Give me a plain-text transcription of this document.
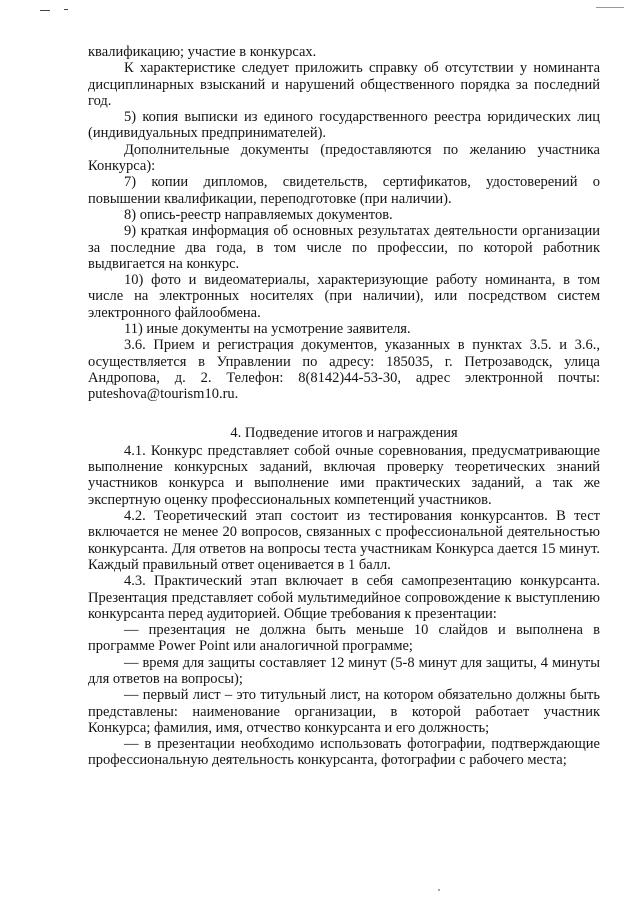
квалификацию; участие в конкурсах.

К характеристике следует приложить справку об отсутствии у номинанта дисциплинарных взысканий и нарушений общественного порядка за последний год.

5) копия выписки из единого государственного реестра юридических лиц (индивидуальных предпринимателей).

Дополнительные документы (предоставляются по желанию участника Конкурса):

7) копии дипломов, свидетельств, сертификатов, удостоверений о повышении квалификации, переподготовке (при наличии).

8) опись-реестр направляемых документов.

9) краткая информация об основных результатах деятельности организации за последние два года, в том числе по профессии, по которой работник выдвигается на конкурс.

10) фото и видеоматериалы, характеризующие работу номинанта, в том числе на электронных носителях (при наличии), или посредством систем электронного файлообмена.

11) иные документы на усмотрение заявителя.

3.6. Прием и регистрация документов, указанных в пунктах 3.5. и 3.6., осуществляется в Управлении по адресу: 185035, г. Петрозаводск, улица Андропова, д. 2. Телефон: 8(8142)44-53-30, адрес электронной почты: puteshova@tourism10.ru.

4. Подведение итогов и награждения

4.1. Конкурс представляет собой очные соревнования, предусматривающие выполнение конкурсных заданий, включая проверку теоретических знаний участников конкурса и выполнение ими практических заданий, а так же экспертную оценку профессиональных компетенций участников.

4.2. Теоретический этап состоит из тестирования конкурсантов. В тест включается не менее 20 вопросов, связанных с профессиональной деятельностью конкурсанта. Для ответов на вопросы теста участникам Конкурса дается 15 минут. Каждый правильный ответ оценивается в 1 балл.

4.3. Практический этап включает в себя самопрезентацию конкурсанта. Презентация представляет собой мультимедийное сопровождение к выступлению конкурсанта перед аудиторией. Общие требования к презентации:

— презентация не должна быть меньше 10 слайдов и выполнена в программе Power Point или аналогичной программе;

— время для защиты составляет 12 минут (5-8 минут для защиты, 4 минуты для ответов на вопросы);

— первый лист – это титульный лист, на котором обязательно должны быть представлены: наименование организации, в которой работает участник Конкурса; фамилия, имя, отчество конкурсанта и его должность;

— в презентации необходимо использовать фотографии, подтверждающие профессиональную деятельность конкурсанта, фотографии с рабочего места;
